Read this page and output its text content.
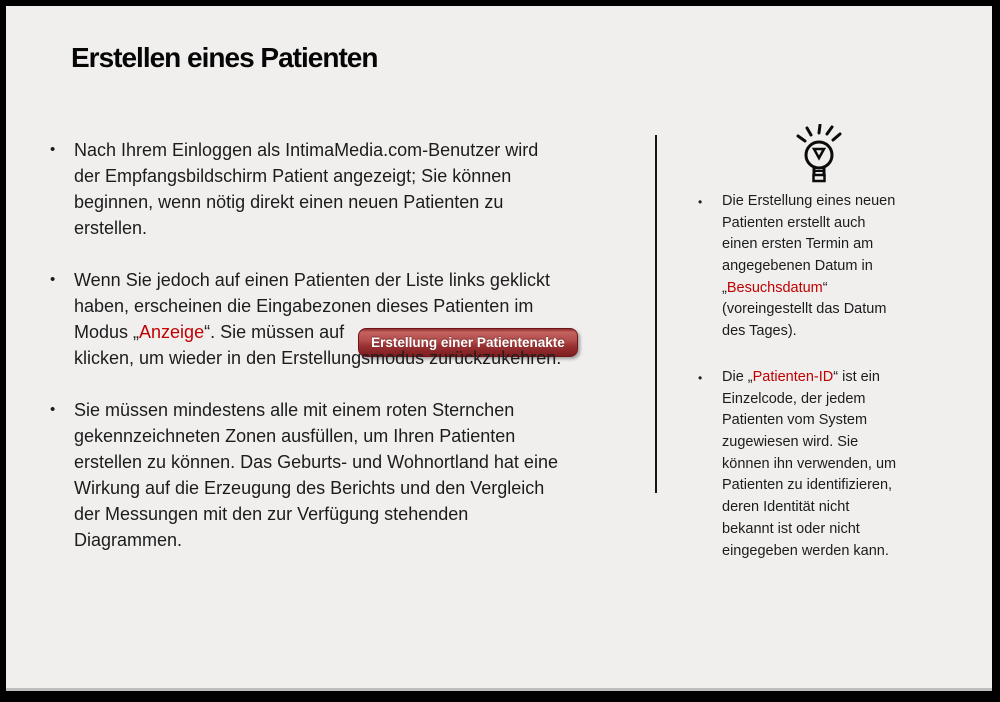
Erstellen eines Patienten
•	Nach Ihrem Einloggen als IntimaMedia.com-Benutzer wird
der Empfangsbildschirm Patient angezeigt; Sie können
beginnen, wenn nötig direkt einen neuen Patienten zu
erstellen.
•	Wenn Sie jedoch auf einen Patienten der Liste links geklickt
haben, erscheinen die Eingabezonen dieses Patienten im
Modus „Anzeige“. Sie müssen aufErstellung einer Patientenakte
klicken, um wieder in den Erstellungsmodus zurückzukehren.
•	Sie müssen mindestens alle mit einem roten Sternchen
gekennzeichneten Zonen ausfüllen, um Ihren Patienten
erstellen zu können. Das Geburts- und Wohnortland hat eine
Wirkung auf die Erzeugung des Berichts und den Vergleich
der Messungen mit den zur Verfügung stehenden
Diagrammen.
•	Die Erstellung eines neuen
Patienten erstellt auch
einen ersten Termin am
angegebenen Datum in
„Besuchsdatum“
(voreingestellt das Datum
des Tages).
•	Die „Patienten-ID“ ist ein
Einzelcode, der jedem
Patienten vom System
zugewiesen wird. Sie
können ihn verwenden, um
Patienten zu identifizieren,
deren Identität nicht
bekannt ist oder nicht
eingegeben werden kann.
